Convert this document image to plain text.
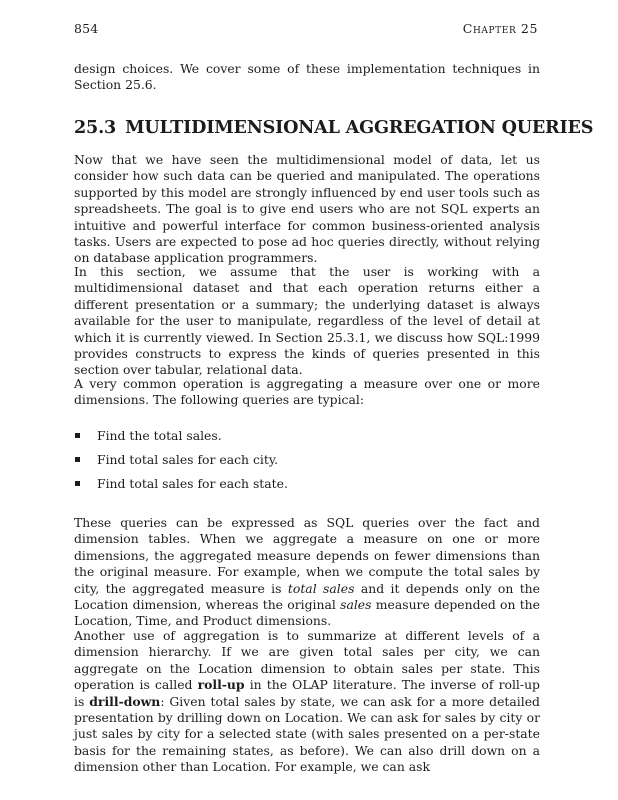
854	Chapter 25

design choices. We cover some of these implementation techniques in Section 25.6.

25.3 MULTIDIMENSIONAL AGGREGATION QUERIES

Now that we have seen the multidimensional model of data, let us consider how such data can be queried and manipulated. The operations supported by this model are strongly influenced by end user tools such as spreadsheets. The goal is to give end users who are not SQL experts an intuitive and powerful interface for common business-oriented analysis tasks. Users are expected to pose ad hoc queries directly, without relying on database application programmers.

In this section, we assume that the user is working with a multidimensional dataset and that each operation returns either a different presentation or a summary; the underlying dataset is always available for the user to manipulate, regardless of the level of detail at which it is currently viewed. In Section 25.3.1, we discuss how SQL:1999 provides constructs to express the kinds of queries presented in this section over tabular, relational data.

A very common operation is aggregating a measure over one or more dimensions. The following queries are typical:

Find the total sales.
Find total sales for each city.
Find total sales for each state.

These queries can be expressed as SQL queries over the fact and dimension tables. When we aggregate a measure on one or more dimensions, the aggregated measure depends on fewer dimensions than the original measure. For example, when we compute the total sales by city, the aggregated measure is total sales and it depends only on the Location dimension, whereas the original sales measure depended on the Location, Time, and Product dimensions.

Another use of aggregation is to summarize at different levels of a dimension hierarchy. If we are given total sales per city, we can aggregate on the Location dimension to obtain sales per state. This operation is called roll-up in the OLAP literature. The inverse of roll-up is drill-down: Given total sales by state, we can ask for a more detailed presentation by drilling down on Location. We can ask for sales by city or just sales by city for a selected state (with sales presented on a per-state basis for the remaining states, as before). We can also drill down on a dimension other than Location. For example, we can ask
